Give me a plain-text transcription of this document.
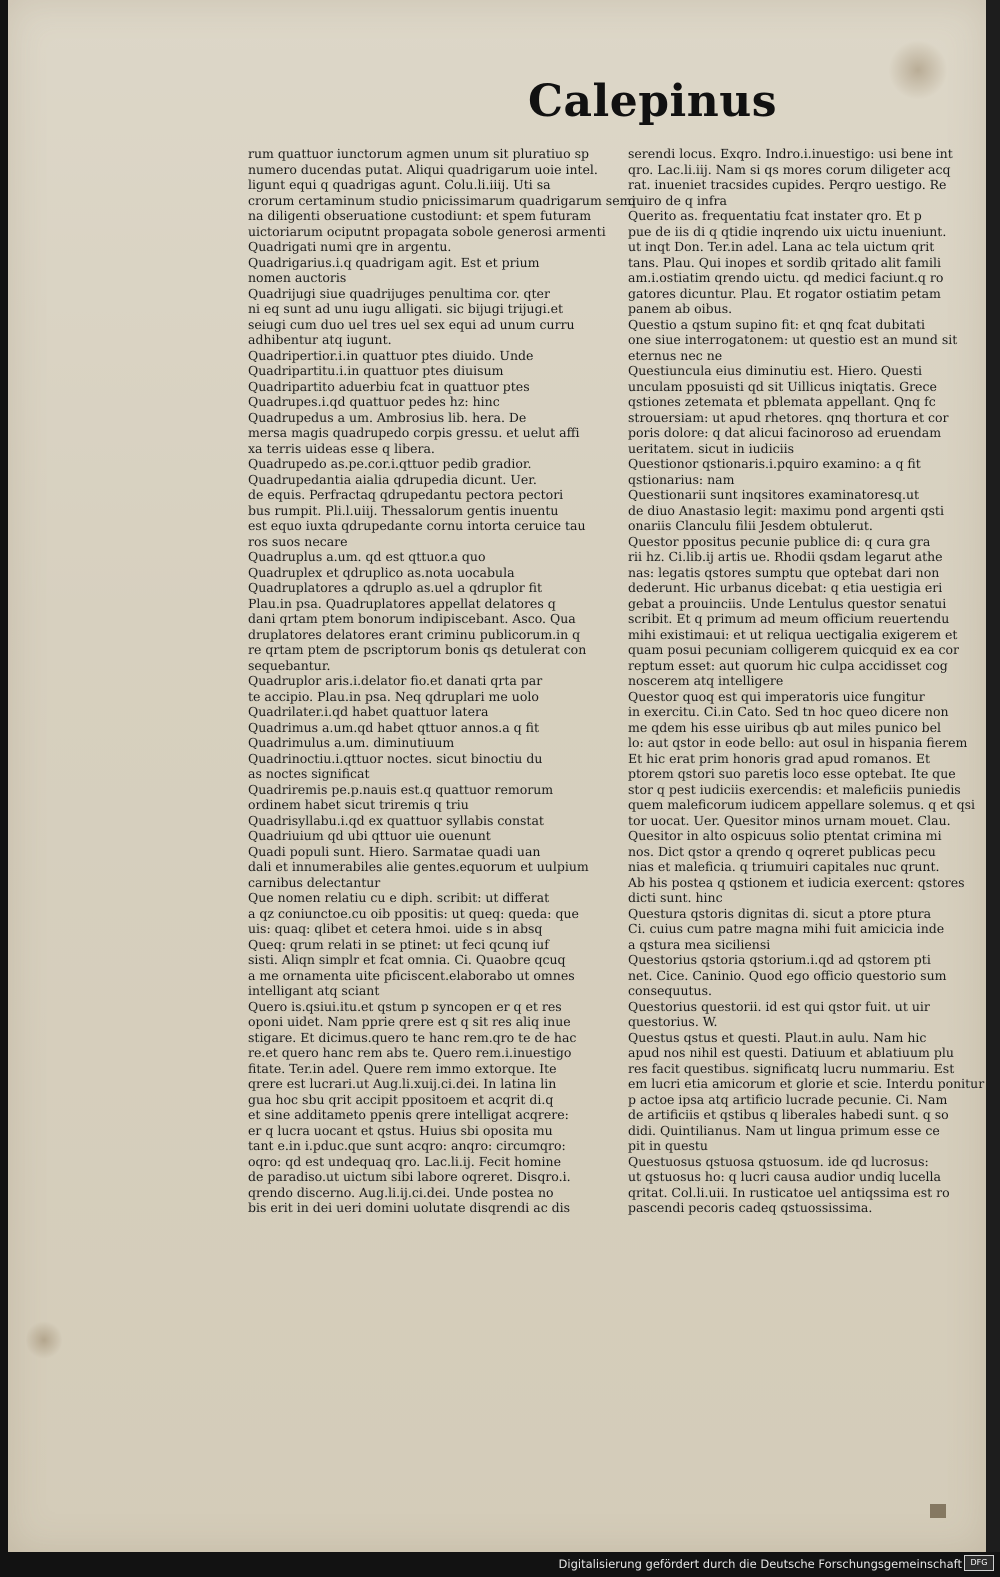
Calepinus
rum quattuor iunctorum agmen unum sit pluratiuo sp
numero ducendas putat. Aliqui quadrigarum uoie intel.
ligunt equi q quadrigas agunt. Colu.li.iiij. Uti sa
crorum certaminum studio pnicissimarum quadrigarum semi
na diligenti obseruatione custodiunt: et spem futuram
uictoriarum ociputnt propagata sobole generosi armenti
Quadrigati numi qre in argentu.
Quadrigarius.i.q quadrigam agit. Est et prium
nomen auctoris
Quadrijugi siue quadrijuges penultima cor. qter
ni eq sunt ad unu iugu alligati. sic bijugi trijugi.et
seiugi cum duo uel tres uel sex equi ad unum curru
adhibentur atq iugunt.
Quadripertior.i.in quattuor ptes diuido. Unde
Quadripartitu.i.in quattuor ptes diuisum
Quadripartito aduerbiu fcat in quattuor ptes
Quadrupes.i.qd quattuor pedes hz: hinc
Quadrupedus a um. Ambrosius lib. hera. De
mersa magis quadrupedo corpis gressu. et uelut affi
xa terris uideas esse q libera.
Quadrupedo as.pe.cor.i.qttuor pedib gradior.
Quadrupedantia aialia qdrupedia dicunt. Uer.
de equis. Perfractaq qdrupedantu pectora pectori
bus rumpit. Pli.l.uiij. Thessalorum gentis inuentu
est equo iuxta qdrupedante cornu intorta ceruice tau
ros suos necare
Quadruplus a.um. qd est qttuor.a quo
Quadruplex et qdruplico as.nota uocabula
Quadruplatores a qdruplo as.uel a qdruplor fit
Plau.in psa. Quadruplatores appellat delatores q
dani qrtam ptem bonorum indipiscebant. Asco. Qua
druplatores delatores erant criminu publicorum.in q
re qrtam ptem de pscriptorum bonis qs detulerat con
sequebantur.
Quadruplor aris.i.delator fio.et danati qrta par
te accipio. Plau.in psa. Neq qdruplari me uolo
Quadrilater.i.qd habet quattuor latera
Quadrimus a.um.qd habet qttuor annos.a q fit
Quadrimulus a.um. diminutiuum
Quadrinoctiu.i.qttuor noctes. sicut binoctiu du
as noctes significat
Quadriremis pe.p.nauis est.q quattuor remorum
ordinem habet sicut triremis q triu
Quadrisyllabu.i.qd ex quattuor syllabis constat
Quadriuium qd ubi qttuor uie ouenunt
Quadi populi sunt. Hiero. Sarmatae quadi uan
dali et innumerabiles alie gentes.equorum et uulpium
carnibus delectantur
Que nomen relatiu cu e diph. scribit: ut differat
a qz coniunctoe.cu oib ppositis: ut queq: queda: que
uis: quaq: qlibet et cetera hmoi. uide s in absq
Queq: qrum relati in se ptinet: ut feci qcunq iuf
sisti. Aliqn simplr et fcat omnia. Ci. Quaobre qcuq
a me ornamenta uite pficiscent.elaborabo ut omnes
intelligant atq sciant
Quero is.qsiui.itu.et qstum p syncopen er q et res
oponi uidet. Nam pprie qrere est q sit res aliq inue
stigare. Et dicimus.quero te hanc rem.qro te de hac
re.et quero hanc rem abs te. Quero rem.i.inuestigo
fitate. Ter.in adel. Quere rem immo extorque. Ite
qrere est lucrari.ut Aug.li.xuij.ci.dei. In latina lin
gua hoc sbu qrit accipit ppositoem et acqrit di.q
et sine additameto ppenis qrere intelligat acqrere:
er q lucra uocant et qstus. Huius sbi oposita mu
tant e.in i.pduc.que sunt acqro: anqro: circumqro:
oqro: qd est undequaq qro. Lac.li.ij. Fecit homine
de paradiso.ut uictum sibi labore oqreret. Disqro.i.
qrendo discerno. Aug.li.ij.ci.dei. Unde postea no
bis erit in dei ueri domini uolutate disqrendi ac dis
serendi locus. Exqro. Indro.i.inuestigo: usi bene int
qro. Lac.li.iij. Nam si qs mores corum diligeter acq
rat. inueniet tracsides cupides. Perqro uestigo. Re
quiro de q infra
Querito as. frequentatiu fcat instater qro. Et p
pue de iis di q qtidie inqrendo uix uictu inueniunt.
ut inqt Don. Ter.in adel. Lana ac tela uictum qrit
tans. Plau. Qui inopes et sordib qritado alit famili
am.i.ostiatim qrendo uictu. qd medici faciunt.q ro
gatores dicuntur. Plau. Et rogator ostiatim petam
panem ab oibus.
Questio a qstum supino fit: et qnq fcat dubitati
one siue interrogatonem: ut questio est an mund sit
eternus nec ne
Questiuncula eius diminutiu est. Hiero. Questi
unculam pposuisti qd sit Uillicus iniqtatis. Grece
qstiones zetemata et pblemata appellant. Qnq fc
strouersiam: ut apud rhetores. qnq thortura et cor
poris dolore: q dat alicui facinoroso ad eruendam
ueritatem. sicut in iudiciis
Questionor qstionaris.i.pquiro examino: a q fit
qstionarius: nam
Questionarii sunt inqsitores examinatoresq.ut
de diuo Anastasio legit: maximu pond argenti qsti
onariis Clanculu filii Jesdem obtulerut.
Questor ppositus pecunie publice di: q cura gra
rii hz. Ci.lib.ij artis ue. Rhodii qsdam legarut athe
nas: legatis qstores sumptu que optebat dari non
dederunt. Hic urbanus dicebat: q etia uestigia eri
gebat a prouinciis. Unde Lentulus questor senatui
scribit. Et q primum ad meum officium reuertendu
mihi existimaui: et ut reliqua uectigalia exigerem et
quam posui pecuniam colligerem quicquid ex ea cor
reptum esset: aut quorum hic culpa accidisset cog
noscerem atq intelligere
Questor quoq est qui imperatoris uice fungitur
in exercitu. Ci.in Cato. Sed tn hoc queo dicere non
me qdem his esse uiribus qb aut miles punico bel
lo: aut qstor in eode bello: aut osul in hispania fierem
Et hic erat prim honoris grad apud romanos. Et
ptorem qstori suo paretis loco esse optebat. Ite que
stor q pest iudiciis exercendis: et maleficiis puniedis
quem maleficorum iudicem appellare solemus. q et qsi
tor uocat. Uer. Quesitor minos urnam mouet. Clau.
Quesitor in alto ospicuus solio ptentat crimina mi
nos. Dict qstor a qrendo q oqreret publicas pecu
nias et maleficia. q triumuiri capitales nuc qrunt.
Ab his postea q qstionem et iudicia exercent: qstores
dicti sunt. hinc
Questura qstoris dignitas di. sicut a ptore ptura
Ci. cuius cum patre magna mihi fuit amicicia inde
a qstura mea siciliensi
Questorius qstoria qstorium.i.qd ad qstorem pti
net. Cice. Caninio. Quod ego officio questorio sum
consequutus.
Questorius questorii. id est qui qstor fuit. ut uir
questorius. W.
Questus qstus et questi. Plaut.in aulu. Nam hic
apud nos nihil est questi. Datiuum et ablatiuum plu
res facit questibus. significatq lucru nummariu. Est
em lucri etia amicorum et glorie et scie. Interdu ponitur
p actoe ipsa atq artificio lucrade pecunie. Ci. Nam
de artificiis et qstibus q liberales habedi sunt. q so
didi. Quintilianus. Nam ut lingua primum esse ce
pit in questu
Questuosus qstuosa qstuosum. ide qd lucrosus:
ut qstuosus ho: q lucri causa audior undiq lucella
qritat. Col.li.uii. In rusticatoe uel antiqssima est ro
pascendi pecoris cadeq qstuossissima.
Digitalisierung gefördert durch die Deutsche Forschungsgemeinschaft	DFG
